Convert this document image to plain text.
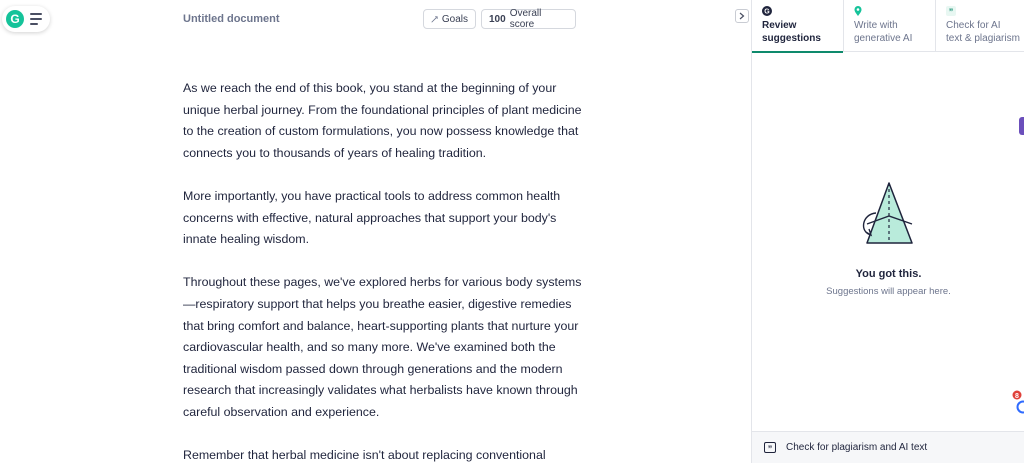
G	Untitled document	Goals 100 Overall score

As we reach the end of this book, you stand at the beginning of your unique herbal journey. From the foundational principles of plant medicine to the creation of custom formulations, you now possess knowledge that connects you to thousands of years of healing tradition.

More importantly, you have practical tools to address common health concerns with effective, natural approaches that support your body's innate healing wisdom.

Throughout these pages, we've explored herbs for various body systems —respiratory support that helps you breathe easier, digestive remedies that bring comfort and balance, heart-supporting plants that nurture your cardiovascular health, and so many more. We've examined both the traditional wisdom passed down through generations and the modern research that increasingly validates what herbalists have known through careful observation and experience.

Remember that herbal medicine isn't about replacing conventional

G
Review
suggestions
Write with
generative AI
”
Check for AI
text & plagiarism
You got this.
Suggestions will appear here.
” Check for plagiarism and AI text
8
